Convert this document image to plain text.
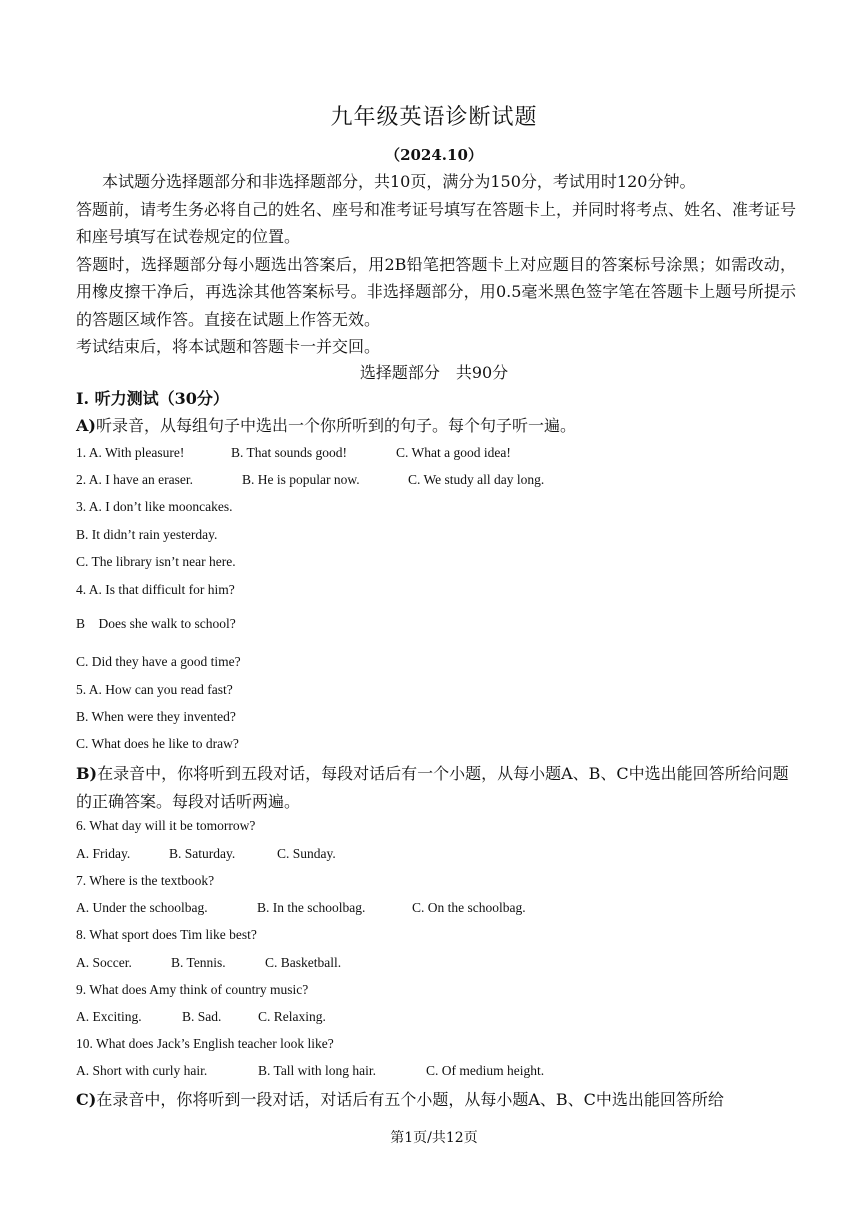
九年级英语诊断试题
（2024.10）

本试题分选择题部分和非选择题部分，共10页，满分为150分，考试用时120分钟。

答题前，请考生务必将自己的姓名、座号和准考证号填写在答题卡上，并同时将考点、姓名、准考证号和座号填写在试卷规定的位置。

答题时，选择题部分每小题选出答案后，用2B铅笔把答题卡上对应题目的答案标号涂黑；如需改动，用橡皮擦干净后，再选涂其他答案标号。非选择题部分，用0.5毫米黑色签字笔在答题卡上题号所提示的答题区域作答。直接在试题上作答无效。

考试结束后，将本试题和答题卡一并交回。

选择题部分　共90分
Ⅰ. 听力测试（30分）
A)听录音，从每组句子中选出一个你所听到的句子。每个句子听一遍。
1. A. With pleasure!	B. That sounds good!	C. What a good idea!
2. A. I have an eraser.	B. He is popular now.	C. We study all day long.
3. A. I don’t like mooncakes.
B. It didn’t rain yesterday.
C. The library isn’t near here.
4. A. Is that difficult for him?
B　Does she walk to school?
C. Did they have a good time?
5. A. How can you read fast?
B. When were they invented?
C. What does he like to draw?
B)在录音中，你将听到五段对话，每段对话后有一个小题，从每小题A、B、C中选出能回答所给问题的正确答案。每段对话听两遍。
6. What day will it be tomorrow?
A. Friday.	B. Saturday.	C. Sunday.
7. Where is the textbook?
A. Under the schoolbag.	B. In the schoolbag.	C. On the schoolbag.
8. What sport does Tim like best?
A. Soccer.	B. Tennis.	C. Basketball.
9. What does Amy think of country music?
A. Exciting.	B. Sad.	C. Relaxing.
10. What does Jack’s English teacher look like?
A. Short with curly hair.	B. Tall with long hair.	C. Of medium height.
C)在录音中，你将听到一段对话，对话后有五个小题，从每小题A、B、C中选出能回答所给
第1页/共12页
